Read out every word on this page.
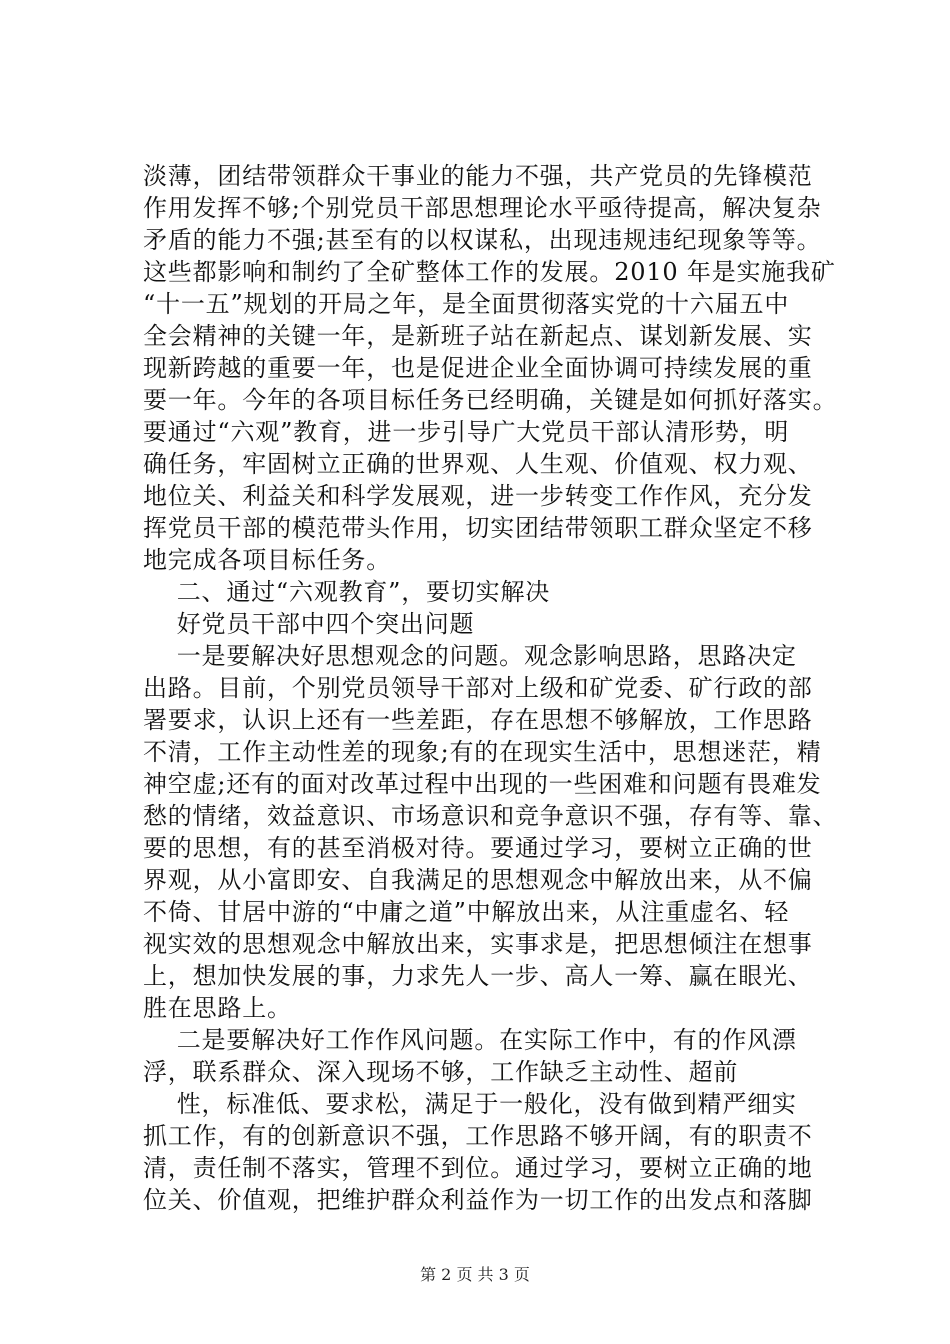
淡薄，团结带领群众干事业的能力不强，共产党员的先锋模范
作用发挥不够;个别党员干部思想理论水平亟待提高，解决复杂
矛盾的能力不强;甚至有的以权谋私，出现违规违纪现象等等。
这些都影响和制约了全矿整体工作的发展。2010 年是实施我矿
“十一五”规划的开局之年，是全面贯彻落实党的十六届五中
全会精神的关键一年，是新班子站在新起点、谋划新发展、实
现新跨越的重要一年，也是促进企业全面协调可持续发展的重
要一年。今年的各项目标任务已经明确，关键是如何抓好落实。
要通过“六观”教育，进一步引导广大党员干部认清形势，明
确任务，牢固树立正确的世界观、人生观、价值观、权力观、
地位关、利益关和科学发展观，进一步转变工作作风，充分发
挥党员干部的模范带头作用，切实团结带领职工群众坚定不移
地完成各项目标任务。
二、通过“六观教育”，要切实解决
好党员干部中四个突出问题
一是要解决好思想观念的问题。观念影响思路，思路决定
出路。目前，个别党员领导干部对上级和矿党委、矿行政的部
署要求，认识上还有一些差距，存在思想不够解放，工作思路
不清，工作主动性差的现象;有的在现实生活中，思想迷茫，精
神空虚;还有的面对改革过程中出现的一些困难和问题有畏难发
愁的情绪，效益意识、市场意识和竞争意识不强，存有等、靠、
要的思想，有的甚至消极对待。要通过学习，要树立正确的世
界观，从小富即安、自我满足的思想观念中解放出来，从不偏
不倚、甘居中游的“中庸之道”中解放出来，从注重虚名、轻
视实效的思想观念中解放出来，实事求是，把思想倾注在想事
上，想加快发展的事，力求先人一步、高人一筹、赢在眼光、
胜在思路上。
二是要解决好工作作风问题。在实际工作中，有的作风漂
浮，联系群众、深入现场不够，工作缺乏主动性、超前
性，标准低、要求松，满足于一般化，没有做到精严细实
抓工作，有的创新意识不强，工作思路不够开阔，有的职责不
清，责任制不落实，管理不到位。通过学习，要树立正确的地
位关、价值观，把维护群众利益作为一切工作的出发点和落脚
第 2 页 共 3 页
